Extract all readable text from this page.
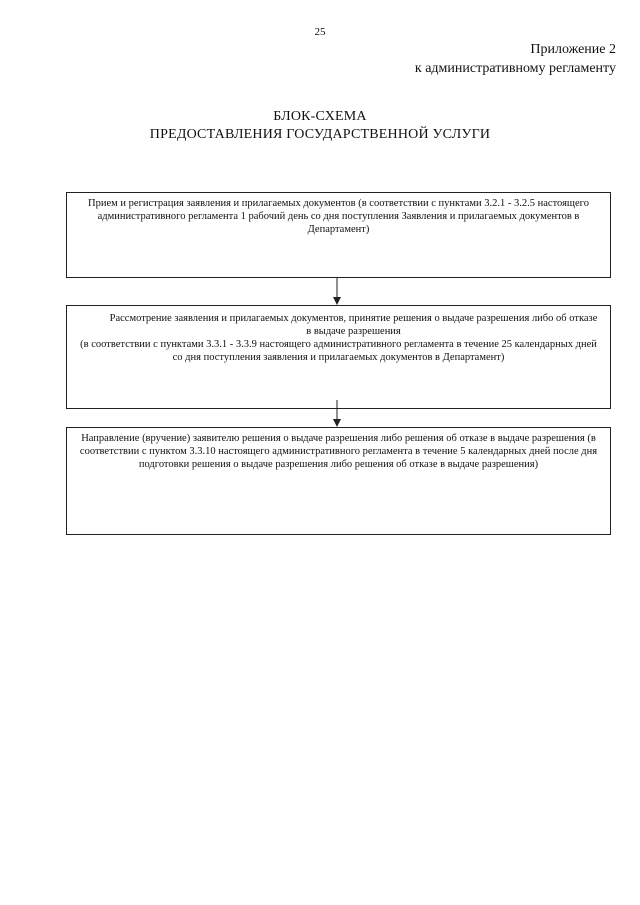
25
Приложение 2
к административному регламенту
БЛОК-СХЕМА
ПРЕДОСТАВЛЕНИЯ ГОСУДАРСТВЕННОЙ УСЛУГИ

Прием и регистрация заявления и прилагаемых документов (в соответствии с пунктами 3.2.1 - 3.2.5 настоящего административного регламента 1 рабочий день со дня поступления Заявления и прилагаемых документов в Департамент)

Рассмотрение заявления и прилагаемых документов, принятие решения о выдаче разрешения либо об отказе в выдаче разрешения

(в соответствии с пунктами 3.3.1 - 3.3.9 настоящего административного регламента в течение 25 календарных дней со дня поступления заявления и прилагаемых документов в Департамент)

Направление (вручение) заявителю решения о выдаче разрешения либо решения об отказе в выдаче разрешения (в соответствии с пунктом 3.3.10 настоящего административного регламента в течение 5 календарных дней после дня подготовки решения о выдаче разрешения либо решения об отказе в выдаче разрешения)
